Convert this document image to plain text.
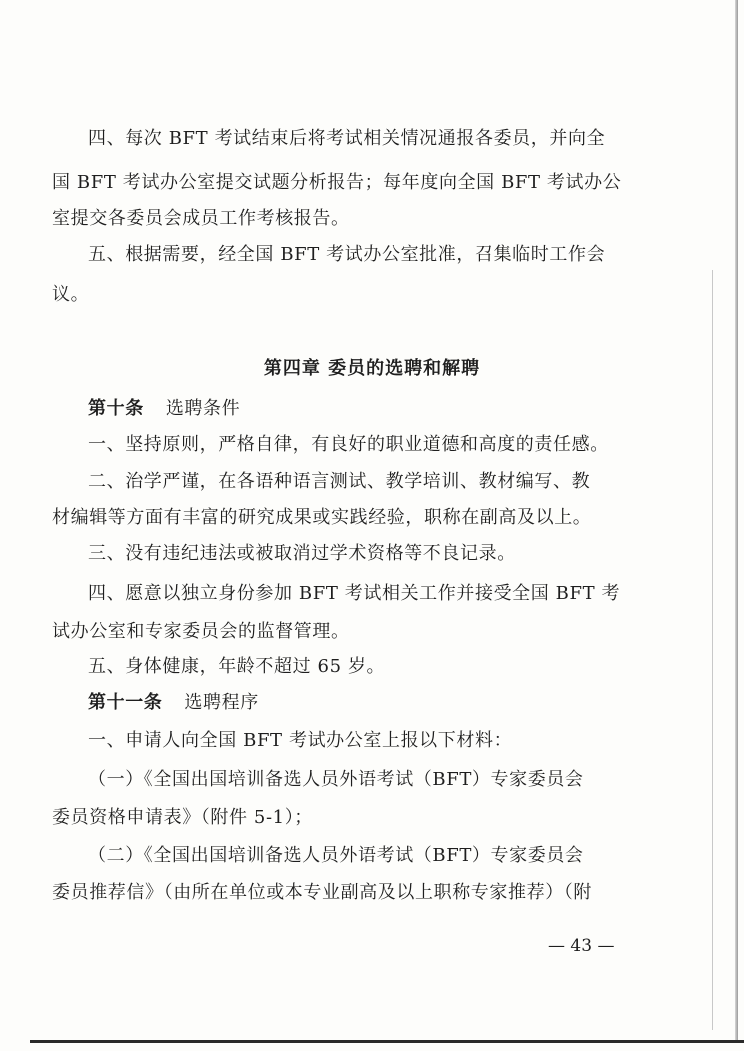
四、每次 BFT 考试结束后将考试相关情况通报各委员，并向全
国 BFT 考试办公室提交试题分析报告；每年度向全国 BFT 考试办公
室提交各委员会成员工作考核报告。
五、根据需要，经全国 BFT 考试办公室批准，召集临时工作会
议。
第四章 委员的选聘和解聘
第十条 选聘条件
一、坚持原则，严格自律，有良好的职业道德和高度的责任感。
二、治学严谨，在各语种语言测试、教学培训、教材编写、教
材编辑等方面有丰富的研究成果或实践经验，职称在副高及以上。
三、没有违纪违法或被取消过学术资格等不良记录。
四、愿意以独立身份参加 BFT 考试相关工作并接受全国 BFT 考
试办公室和专家委员会的监督管理。
五、身体健康，年龄不超过 65 岁。
第十一条 选聘程序
一、申请人向全国 BFT 考试办公室上报以下材料：
（一）《全国出国培训备选人员外语考试（BFT）专家委员会
委员资格申请表》（附件 5-1）；
（二）《全国出国培训备选人员外语考试（BFT）专家委员会
委员推荐信》（由所在单位或本专业副高及以上职称专家推荐）（附
— 43 —
